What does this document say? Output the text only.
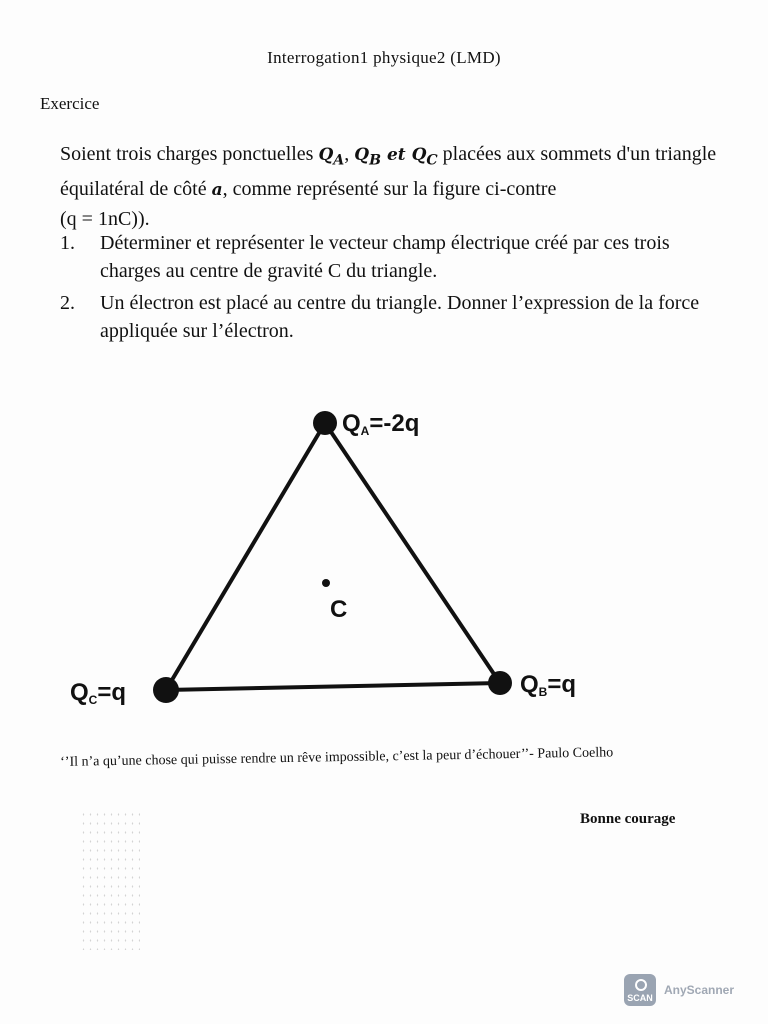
Interrogation1 physique2 (LMD)
Exercice
Soient trois charges ponctuelles $Q_A$, $Q_B$ et $Q_C$ placées aux sommets d'un triangle équilatéral de côté a, comme représenté sur la figure ci-contre
(q = 1nC)).
1.	Déterminer et représenter le vecteur champ électrique créé par ces trois charges au centre de gravité C du triangle.
2.	Un électron est placé au centre du triangle. Donner l’expression de la force appliquée sur l’électron.
C
QA=-2q
QB=q
QC=q
‘’Il n’a qu’une chose qui puisse rendre un rêve impossible, c’est la peur d’échouer’’- Paulo Coelho
Bonne courage
SCAN
AnyScanner
